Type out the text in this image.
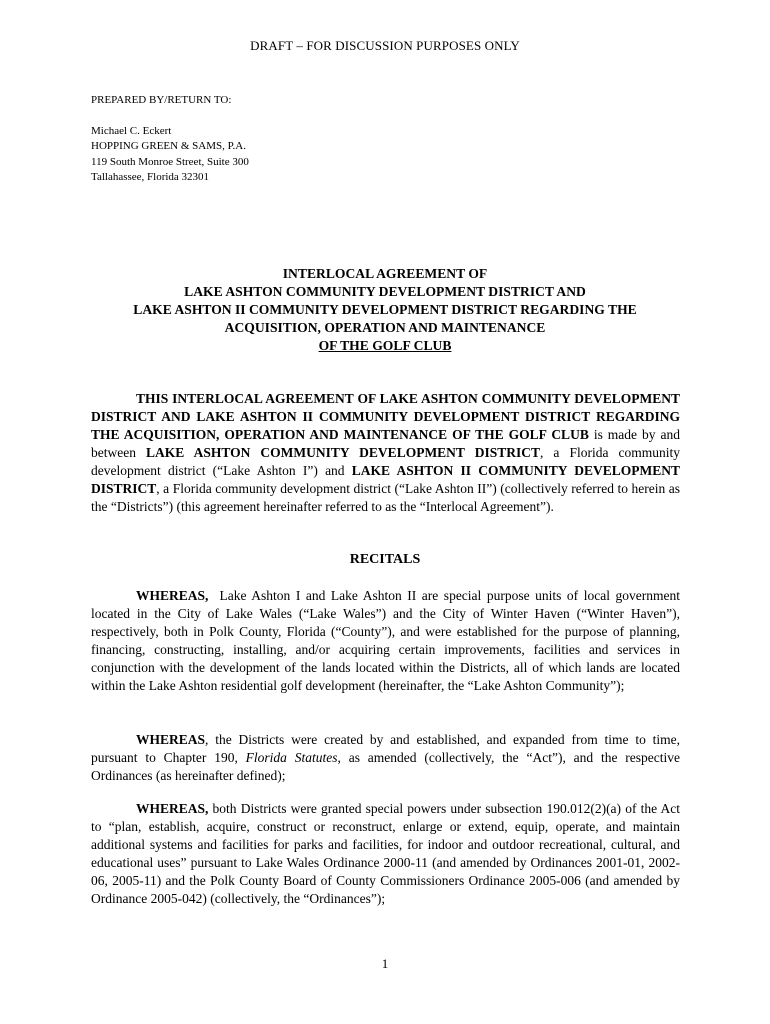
DRAFT – FOR DISCUSSION PURPOSES ONLY
PREPARED BY/RETURN TO:
Michael C. Eckert
HOPPING GREEN & SAMS, P.A.
119 South Monroe Street, Suite 300
Tallahassee, Florida 32301
INTERLOCAL AGREEMENT OF
LAKE ASHTON COMMUNITY DEVELOPMENT DISTRICT AND
LAKE ASHTON II COMMUNITY DEVELOPMENT DISTRICT REGARDING THE
ACQUISITION, OPERATION AND MAINTENANCE
OF THE GOLF CLUB
THIS INTERLOCAL AGREEMENT OF LAKE ASHTON COMMUNITY DEVELOPMENT DISTRICT AND LAKE ASHTON II COMMUNITY DEVELOPMENT DISTRICT REGARDING THE ACQUISITION, OPERATION AND MAINTENANCE OF THE GOLF CLUB is made by and between LAKE ASHTON COMMUNITY DEVELOPMENT DISTRICT, a Florida community development district (“Lake Ashton I”) and LAKE ASHTON II COMMUNITY DEVELOPMENT DISTRICT, a Florida community development district (“Lake Ashton II”) (collectively referred to herein as the “Districts”) (this agreement hereinafter referred to as the “Interlocal Agreement”).
RECITALS
WHEREAS,  Lake Ashton I and Lake Ashton II are special purpose units of local government located in the City of Lake Wales (“Lake Wales”) and the City of Winter Haven (“Winter Haven”), respectively, both in Polk County, Florida (“County”), and were established for the purpose of planning, financing, constructing, installing, and/or acquiring certain improvements, facilities and services in conjunction with the development of the lands located within the Districts, all of which lands are located within the Lake Ashton residential golf development (hereinafter, the “Lake Ashton Community”);
WHEREAS, the Districts were created by and established, and expanded from time to time, pursuant to Chapter 190, Florida Statutes, as amended (collectively, the “Act”), and the respective Ordinances (as hereinafter defined);
WHEREAS, both Districts were granted special powers under subsection 190.012(2)(a) of the Act to “plan, establish, acquire, construct or reconstruct, enlarge or extend, equip, operate, and maintain additional systems and facilities for parks and facilities, for indoor and outdoor recreational, cultural, and educational uses” pursuant to Lake Wales Ordinance 2000-11 (and amended by Ordinances 2001-01, 2002-06, 2005-11) and the Polk County Board of County Commissioners Ordinance 2005-006 (and amended by Ordinance 2005-042) (collectively, the “Ordinances”);
1
